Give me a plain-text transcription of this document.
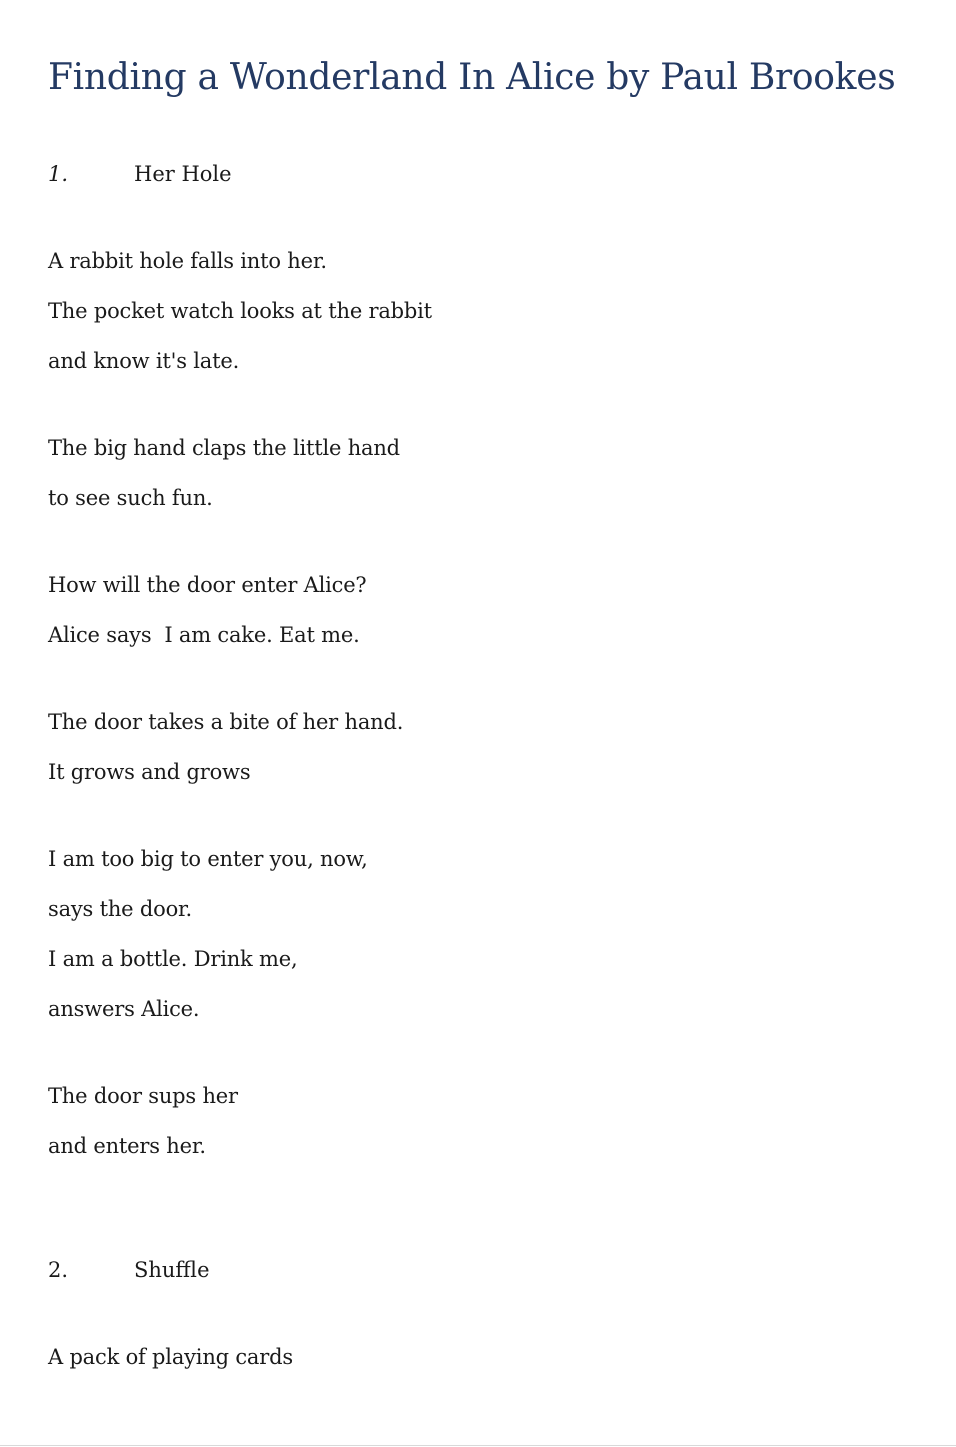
Finding a Wonderland In Alice by Paul Brookes
1.	Her Hole
A rabbit hole falls into her.
The pocket watch looks at the rabbit
and know it's late.
The big hand claps the little hand
to see such fun.
How will the door enter Alice?
Alice says  I am cake. Eat me.
The door takes a bite of her hand.
It grows and grows
I am too big to enter you, now,
says the door.
I am a bottle. Drink me,
answers Alice.
The door sups her
and enters her.
2.	Shuffle
A pack of playing cards
